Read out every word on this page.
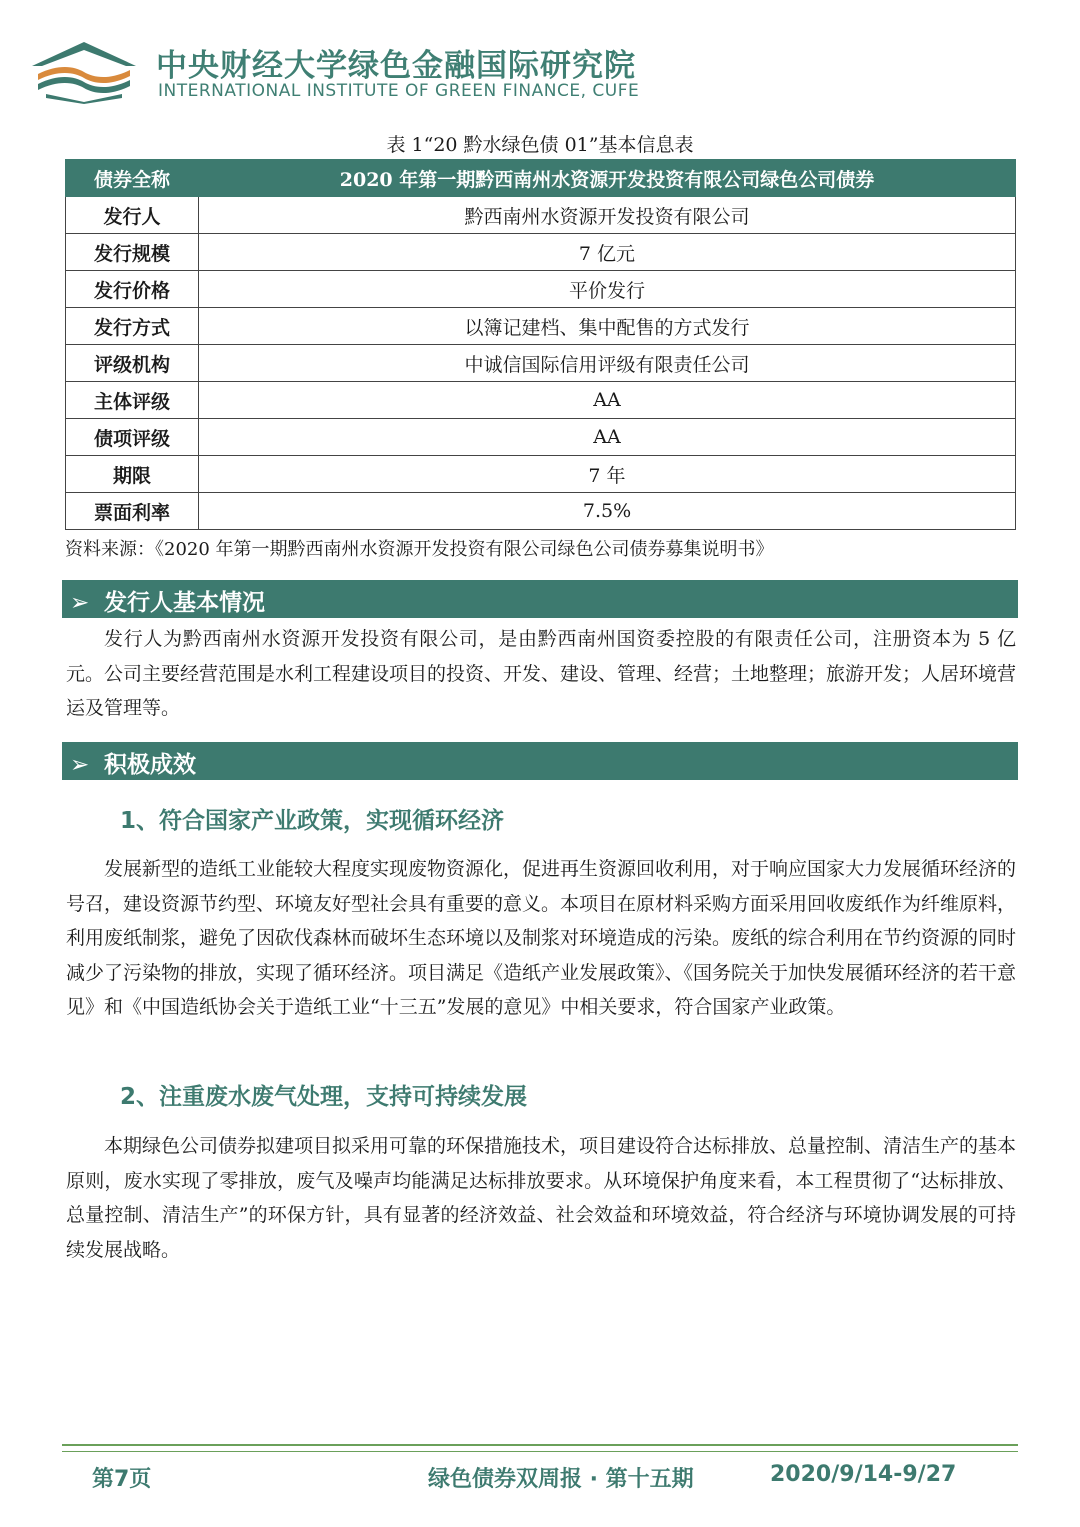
中央财经大学绿色金融国际研究院
INTERNATIONAL INSTITUTE OF GREEN FINANCE, CUFE
表 1“20 黔水绿色债 01”基本信息表
债券全称	2020 年第一期黔西南州水资源开发投资有限公司绿色公司债券
发行人	黔西南州水资源开发投资有限公司
发行规模	7 亿元
发行价格	平价发行
发行方式	以簿记建档、集中配售的方式发行
评级机构	中诚信国际信用评级有限责任公司
主体评级	AA
债项评级	AA
期限	7 年
票面利率	7.5%
资料来源：《2020 年第一期黔西南州水资源开发投资有限公司绿色公司债券募集说明书》
➢ 发行人基本情况

发行人为黔西南州水资源开发投资有限公司，是由黔西南州国资委控股的有限责任公司，注册资本为 5 亿元。公司主要经营范围是水利工程建设项目的投资、开发、建设、管理、经营；土地整理；旅游开发；人居环境营运及管理等。

➢ 积极成效
1、符合国家产业政策，实现循环经济

发展新型的造纸工业能较大程度实现废物资源化，促进再生资源回收利用，对于响应国家大力发展循环经济的号召，建设资源节约型、环境友好型社会具有重要的意义。本项目在原材料采购方面采用回收废纸作为纤维原料，利用废纸制浆，避免了因砍伐森林而破坏生态环境以及制浆对环境造成的污染。废纸的综合利用在节约资源的同时减少了污染物的排放，实现了循环经济。项目满足《造纸产业发展政策》、《国务院关于加快发展循环经济的若干意见》和《中国造纸协会关于造纸工业“十三五”发展的意见》中相关要求，符合国家产业政策。

2、注重废水废气处理，支持可持续发展

本期绿色公司债券拟建项目拟采用可靠的环保措施技术，项目建设符合达标排放、总量控制、清洁生产的基本原则，废水实现了零排放，废气及噪声均能满足达标排放要求。从环境保护角度来看，本工程贯彻了“达标排放、总量控制、清洁生产”的环保方针，具有显著的经济效益、社会效益和环境效益，符合经济与环境协调发展的可持续发展战略。

第7页	绿色债券双周报 · 第十五期	2020/9/14-9/27
